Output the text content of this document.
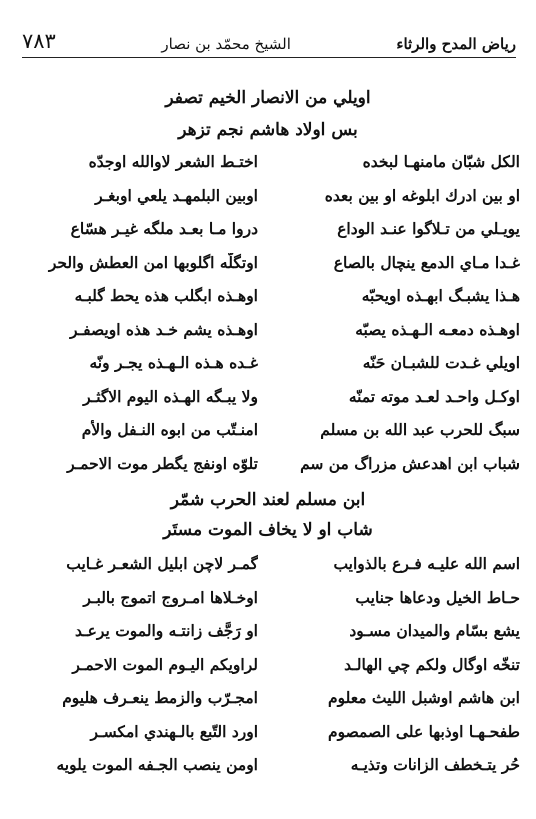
رياض المدح والرثاء
الشيخ محمّد بن نصار
٧٨٣
اويلي من الانصار الخيم تصفر
بس اولاد هاشم نجم تزهر
الكل شبّان مامنهـا لبخده
اختـط الشعر لاوالله اوجدّه
او بين ادرك ابلوغه او بين بعده
اوبين البلمهـد يلعي اوبغـر
يويـلي من تـلاگوا عنـد الوداع
دروا مـا بعـد ملگه غيـر هسّاع
غـدا مـاي الدمع ينچال بالصاع
اوتگلّه اگلوبها امن العطش والحر
هـذا يشبـگ ابهـذه اويحبّه
اوهـذه ابگلب هذه يحط گلبـه
اوهـذه دمعـه الـهـذه يصبّه
اوهـذه يشم خـد هذه اويصفـر
اويلي غـدت للشبـان حَنّه
غـده هـذه الـهـذه يجـر ونّه
اوكـل واحـد لعـد موته تمنّه
ولا يبـگه الهـذه اليوم الاگثـر
سبگ للحرب عبد الله بن مسلم
امنـتّب من ابوه النـفل والأم
شباب ابن اهدعش مزراگ من سم
تلوّه اونفج يگطر موت الاحمـر
ابن مسلم لعند الحرب شمّر
شاب او لا يخاف الموت مستَر
اسم الله عليـه فـرع بالذوايب
گمـر لاچن ابليل الشعـر غـايب
حـاط الخيل ودعاها جنايب
اوخـلاها امـروج اتموج بالبـر
يشع بسّام والميدان مسـود
او رَجَّف زانتـه والموت يرعـد
تنخّه اوگال ولكم چي الهالـد
لراويكم اليـوم الموت الاحمـر
ابن هاشم اوشبل الليث معلوم
امجـرّب والزمط ينعـرف هليوم
طفحـهـا اوذبها على الصمصوم
اورد التّبع بالـهندي امكسـر
حُر يتـخطف الزانات وتذيـه
اومن ينصب الجـفه الموت يلويه
